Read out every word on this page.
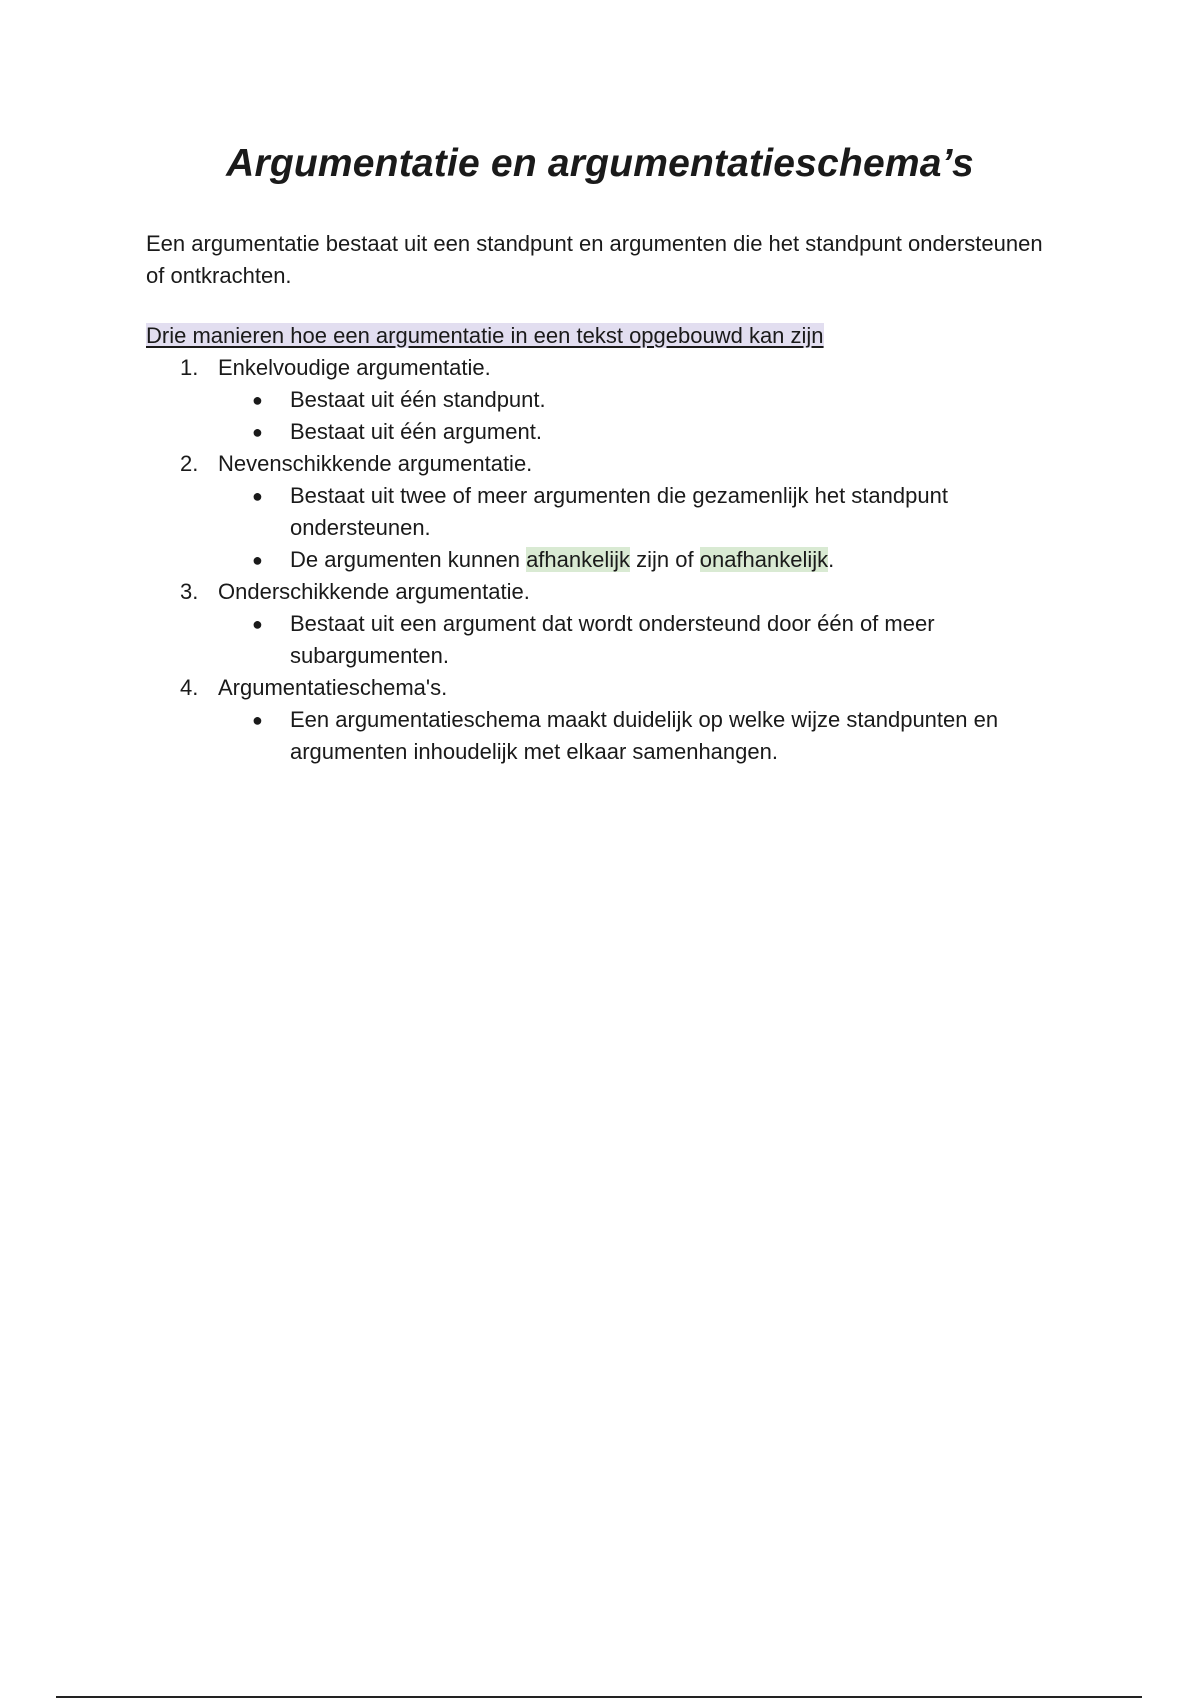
Argumentatie en argumentatieschema’s

Een argumentatie bestaat uit een standpunt en argumenten die het standpunt ondersteunen of ontkrachten.

Drie manieren hoe een argumentatie in een tekst opgebouwd kan zijn

1. Enkelvoudige argumentatie.
● Bestaat uit één standpunt.
● Bestaat uit één argument.
2. Nevenschikkende argumentatie.
● Bestaat uit twee of meer argumenten die gezamenlijk het standpunt ondersteunen.
● De argumenten kunnen afhankelijk zijn of onafhankelijk.
3. Onderschikkende argumentatie.
● Bestaat uit een argument dat wordt ondersteund door één of meer subargumenten.
4. Argumentatieschema's.
● Een argumentatieschema maakt duidelijk op welke wijze standpunten en argumenten inhoudelijk met elkaar samenhangen.
